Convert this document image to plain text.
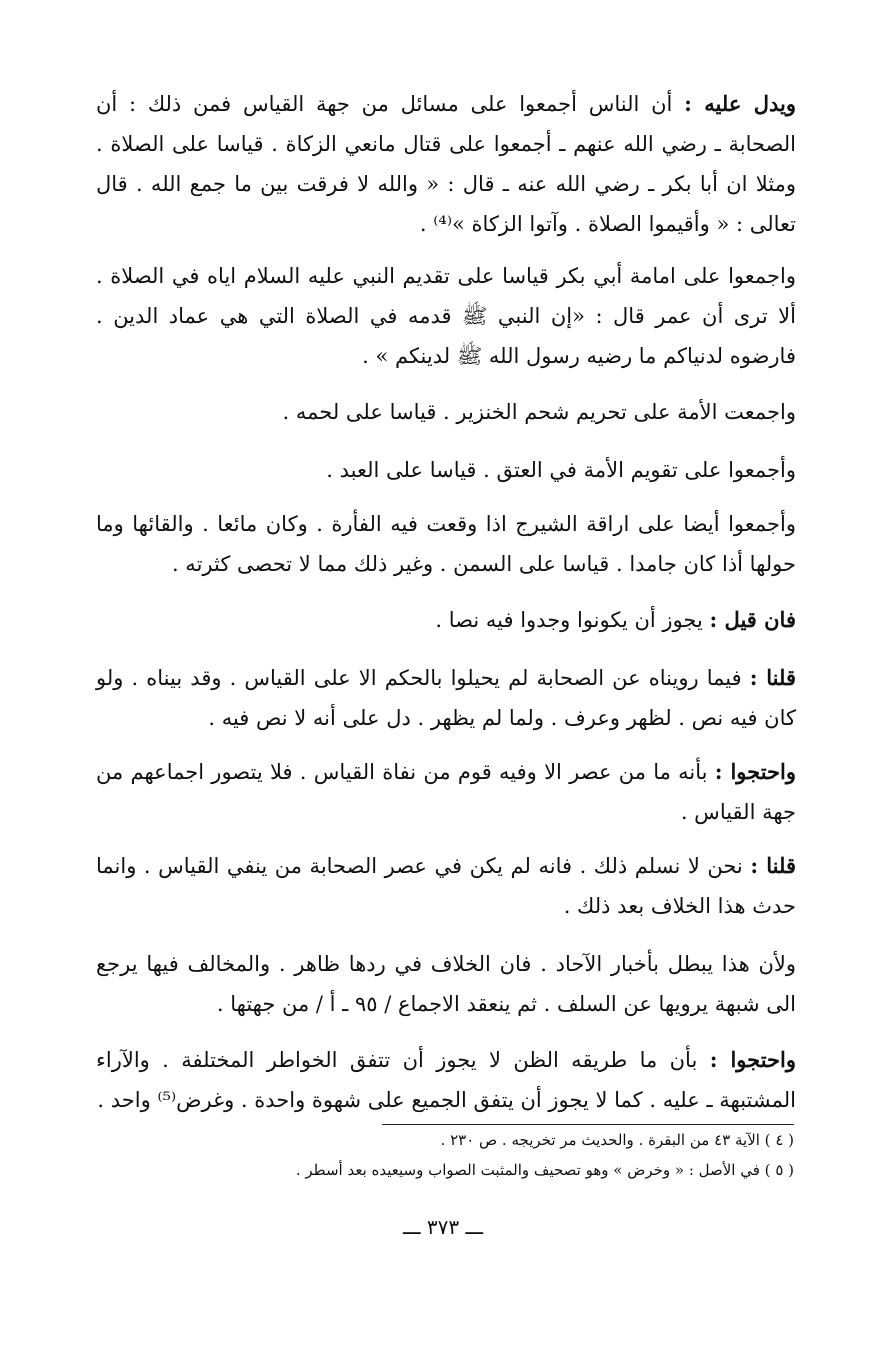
ويدل عليه : أن الناس أجمعوا على مسائل من جهة القياس فمن ذلك : أن الصحابة ـ رضي الله عنهم ـ أجمعوا على قتال مانعي الزكاة . قياسا على الصلاة . ومثلا ان أبا بكر ـ رضي الله عنه ـ قال : « والله لا فرقت بين ما جمع الله . قال تعالى : « وأقيموا الصلاة . وآتوا الزكاة »⁽⁴⁾ .

واجمعوا على امامة أبي بكر قياسا على تقديم النبي عليه السلام اياه في الصلاة . ألا ترى أن عمر قال : «إن النبي ﷺ قدمه في الصلاة التي هي عماد الدين . فارضوه لدنياكم ما رضيه رسول الله ﷺ لدينكم » .

واجمعت الأمة على تحريم شحم الخنزير . قياسا على لحمه .

وأجمعوا على تقويم الأمة في العتق . قياسا على العبد .

وأجمعوا أيضا على اراقة الشيرج اذا وقعت فيه الفأرة . وكان مائعا . والقائها وما حولها أذا كان جامدا . قياسا على السمن . وغير ذلك مما لا تحصى كثرته .

فان قيل : يجوز أن يكونوا وجدوا فيه نصا .

قلنا : فيما رويناه عن الصحابة لم يحيلوا بالحكم الا على القياس . وقد بيناه . ولو كان فيه نص . لظهر وعرف . ولما لم يظهر . دل على أنه لا نص فيه .

واحتجوا : بأنه ما من عصر الا وفيه قوم من نفاة القياس . فلا يتصور اجماعهم من جهة القياس .

قلنا : نحن لا نسلم ذلك . فانه لم يكن في عصر الصحابة من ينفي القياس . وانما حدث هذا الخلاف بعد ذلك .

ولأن هذا يبطل بأخبار الآحاد . فان الخلاف في ردها ظاهر . والمخالف فيها يرجع الى شبهة يرويها عن السلف . ثم ينعقد الاجماع / ٩٥ ـ أ / من جهتها .

واحتجوا : بأن ما طريقه الظن لا يجوز أن تتفق الخواطر المختلفة . والآراء المشتبهة ـ عليه . كما لا يجوز أن يتفق الجميع على شهوة واحدة . وغرض⁽⁵⁾ واحد .

( ٤ ) الآية ٤٣ من البقرة . والحديث مر تخريجه . ص ٢٣٠ .

( ٥ ) في الأصل : « وخرض » وهو تصحيف والمثبت الصواب وسيعيده بعد أسطر .

ـــ ٣٧٣ ـــ
